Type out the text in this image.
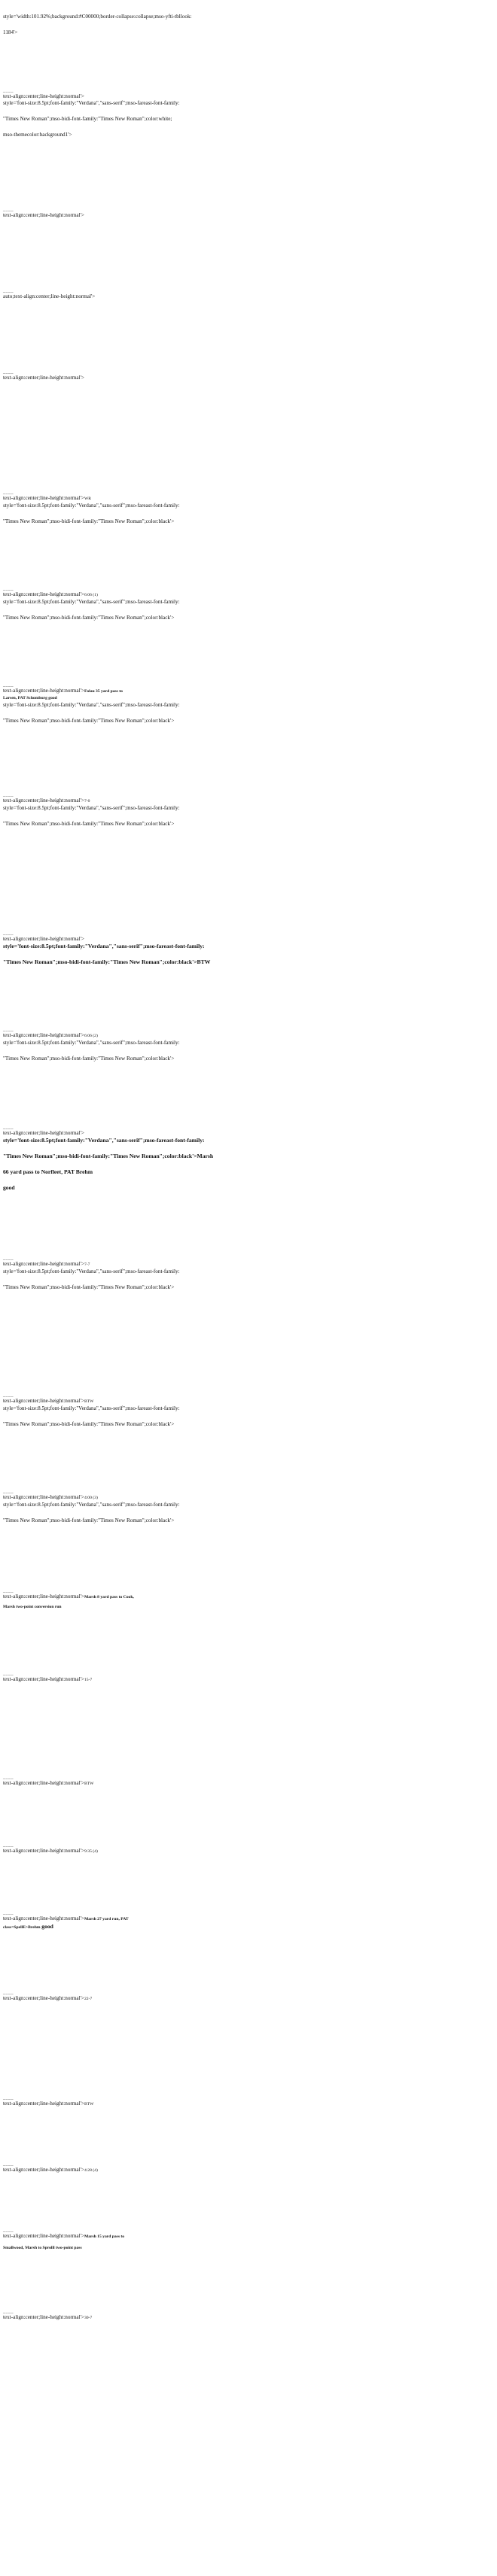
style='width:101.92%;background:#C00000;border-collapse:collapse;mso-yfti-tbllook:
1184'>
____
text-align:center;line-height:normal'>
style='font-size:8.5pt;font-family:"Verdana","sans-serif";mso-fareast-font-family:
"Times New Roman";mso-bidi-font-family:"Times New Roman";color:white;
mso-themecolor:background1'>
____
text-align:center;line-height:normal'>
____
auto;text-align:center;line-height:normal'>
____
text-align:center;line-height:normal'>
____
text-align:center;line-height:normal'>WR
style='font-size:8.5pt;font-family:"Verdana","sans-serif";mso-fareast-font-family:
"Times New Roman";mso-bidi-font-family:"Times New Roman";color:black'>
____
text-align:center;line-height:normal'>6:06 (1)
style='font-size:8.5pt;font-family:"Verdana","sans-serif";mso-fareast-font-family:
"Times New Roman";mso-bidi-font-family:"Times New Roman";color:black'>
____
text-align:center;line-height:normal'>Folau 35 yard pass to
Larsen, PAT Schomburg good
style='font-size:8.5pt;font-family:"Verdana","sans-serif";mso-fareast-font-family:
"Times New Roman";mso-bidi-font-family:"Times New Roman";color:black'>
____
text-align:center;line-height:normal'>7-0
style='font-size:8.5pt;font-family:"Verdana","sans-serif";mso-fareast-font-family:
"Times New Roman";mso-bidi-font-family:"Times New Roman";color:black'>
____
text-align:center;line-height:normal'>
style='font-size:8.5pt;font-family:"Verdana","sans-serif";mso-fareast-font-family:
"Times New Roman";mso-bidi-font-family:"Times New Roman";color:black'>BTW
____
text-align:center;line-height:normal'>6:06 (2)
style='font-size:8.5pt;font-family:"Verdana","sans-serif";mso-fareast-font-family:
"Times New Roman";mso-bidi-font-family:"Times New Roman";color:black'>
____
text-align:center;line-height:normal'>
style='font-size:8.5pt;font-family:"Verdana","sans-serif";mso-fareast-font-family:
"Times New Roman";mso-bidi-font-family:"Times New Roman";color:black'>Marsh
66 yard pass to Norfleet, PAT Brehm
good
____
text-align:center;line-height:normal'>7-7
style='font-size:8.5pt;font-family:"Verdana","sans-serif";mso-fareast-font-family:
"Times New Roman";mso-bidi-font-family:"Times New Roman";color:black'>
____
text-align:center;line-height:normal'>BTW
style='font-size:8.5pt;font-family:"Verdana","sans-serif";mso-fareast-font-family:
"Times New Roman";mso-bidi-font-family:"Times New Roman";color:black'>
____
text-align:center;line-height:normal'>4:00 (3)
style='font-size:8.5pt;font-family:"Verdana","sans-serif";mso-fareast-font-family:
"Times New Roman";mso-bidi-font-family:"Times New Roman";color:black'>
____
text-align:center;line-height:normal'>Marsh 8 yard pass to Cook,
Marsh two-point conversion run
____
text-align:center;line-height:normal'>15-7
____
text-align:center;line-height:normal'>BTW
____
text-align:center;line-height:normal'>9:35 (4)
____
text-align:center;line-height:normal'>Marsh 27 yard run, PAT
class=SpellE>Brehm good
____
text-align:center;line-height:normal'>22-7
____
text-align:center;line-height:normal'>BTW
____
text-align:center;line-height:normal'>4:28 (4)
____
text-align:center;line-height:normal'>Marsh 15 yard pass to
Smallwood, Marsh to Sprolll two-point pass
____
text-align:center;line-height:normal'>30-7
